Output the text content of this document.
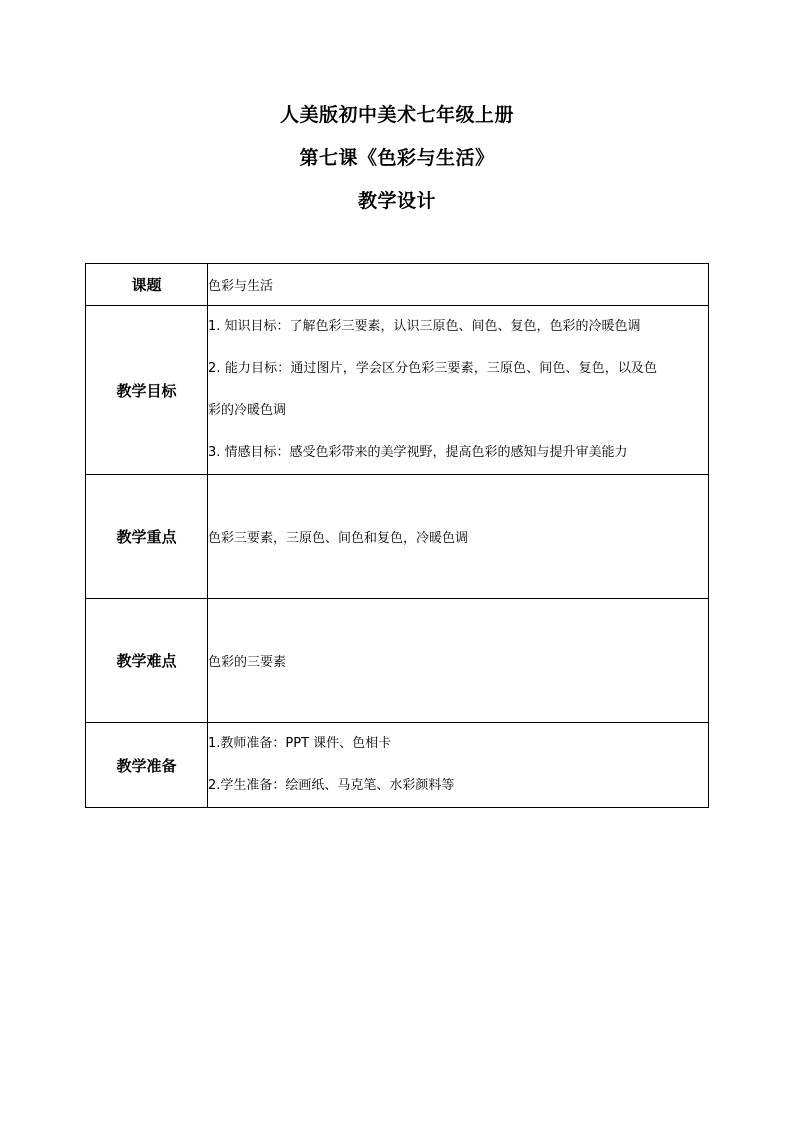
人美版初中美术七年级上册
第七课《色彩与生活》
教学设计
课题	色彩与生活
教学目标	1. 知识目标：了解色彩三要素，认识三原色、间色、复色，色彩的冷暖色调
2. 能力目标：通过图片，学会区分色彩三要素，三原色、间色、复色，以及色
彩的冷暖色调
3. 情感目标：感受色彩带来的美学视野，提高色彩的感知与提升审美能力

教学重点	色彩三要素，三原色、间色和复色，冷暖色调
教学难点	色彩的三要素
教学准备	1.教师准备：PPT 课件、色相卡
2.学生准备：绘画纸、马克笔、水彩颜料等
